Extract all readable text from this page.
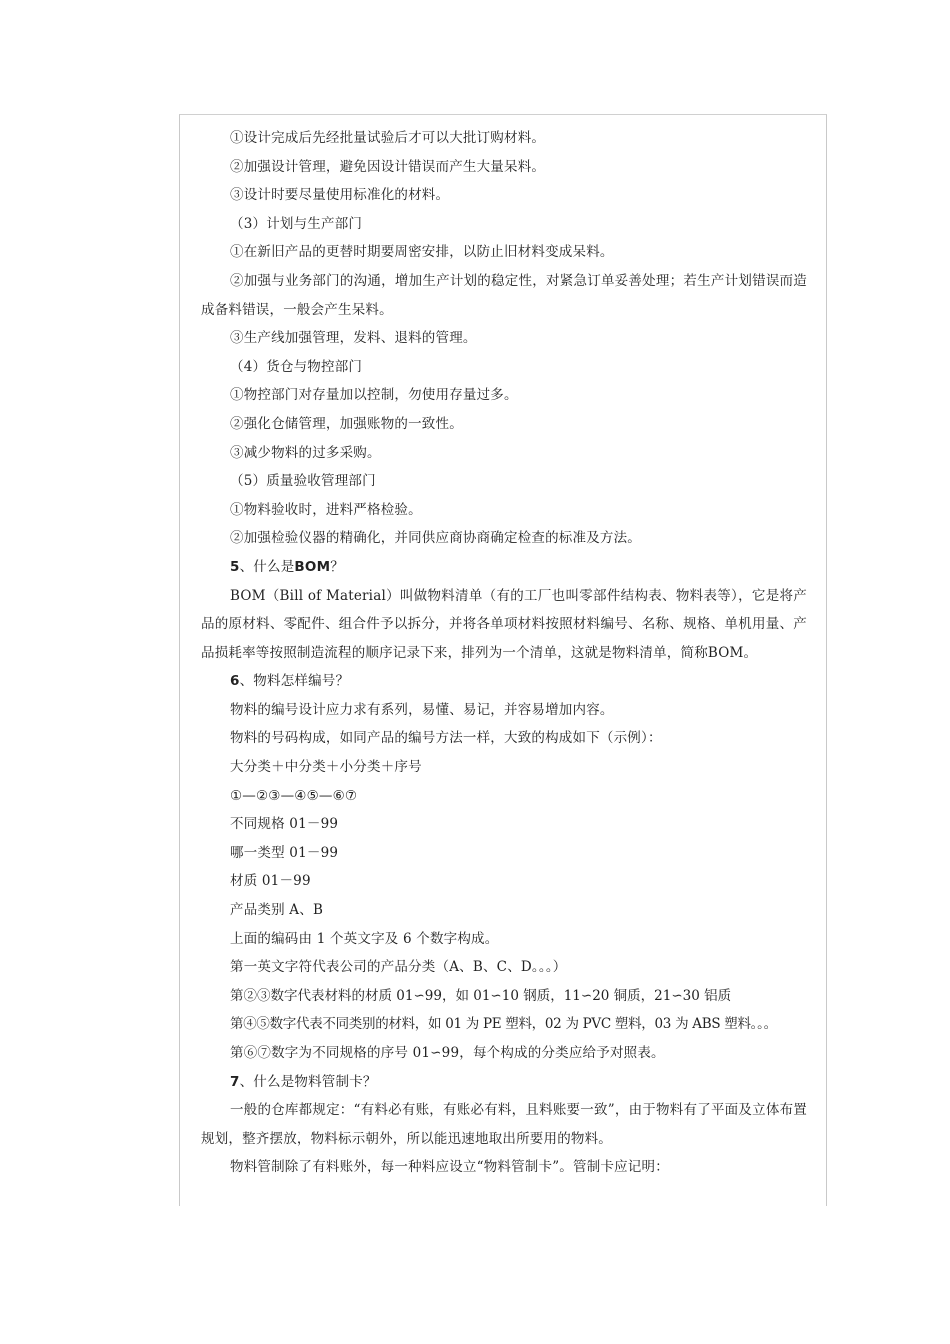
①设计完成后先经批量试验后才可以大批订购材料。

②加强设计管理，避免因设计错误而产生大量呆料。

③设计时要尽量使用标准化的材料。

（3）计划与生产部门

①在新旧产品的更替时期要周密安排，以防止旧材料变成呆料。

②加强与业务部门的沟通，增加生产计划的稳定性，对紧急订单妥善处理；若生产计划错误而造成备料错误，一般会产生呆料。

③生产线加强管理，发料、退料的管理。

（4）货仓与物控部门

①物控部门对存量加以控制，勿使用存量过多。

②强化仓储管理，加强账物的一致性。

③减少物料的过多采购。

（5）质量验收管理部门

①物料验收时，进料严格检验。

②加强检验仪器的精确化，并同供应商协商确定检查的标准及方法。

5、什么是BOM？

BOM（Bill of Material）叫做物料清单（有的工厂也叫零部件结构表、物料表等），它是将产品的原材料、零配件、组合件予以拆分，并将各单项材料按照材料编号、名称、规格、单机用量、产品损耗率等按照制造流程的顺序记录下来，排列为一个清单，这就是物料清单，简称BOM。

6、物料怎样编号？

物料的编号设计应力求有系列，易懂、易记，并容易增加内容。

物料的号码构成，如同产品的编号方法一样，大致的构成如下（示例）：

大分类＋中分类＋小分类＋序号

①—②③—④⑤—⑥⑦

不同规格 01－99

哪一类型 01－99

材质 01－99

产品类别 A、B

上面的编码由 1 个英文字及 6 个数字构成。

第一英文字符代表公司的产品分类（A、B、C、D。。。）

第②③数字代表材料的材质 01∽99，如 01∽10 钢质，11∽20 铜质，21∽30 铝质

第④⑤数字代表不同类别的材料，如 01 为 PE 塑料，02 为 PVC 塑料，03 为 ABS 塑料。。。

第⑥⑦数字为不同规格的序号 01∽99，每个构成的分类应给予对照表。

7、什么是物料管制卡？

一般的仓库都规定：“有料必有账，有账必有料，且料账要一致”，由于物料有了平面及立体布置规划，整齐摆放，物料标示朝外，所以能迅速地取出所要用的物料。

物料管制除了有料账外，每一种料应设立“物料管制卡”。管制卡应记明：
